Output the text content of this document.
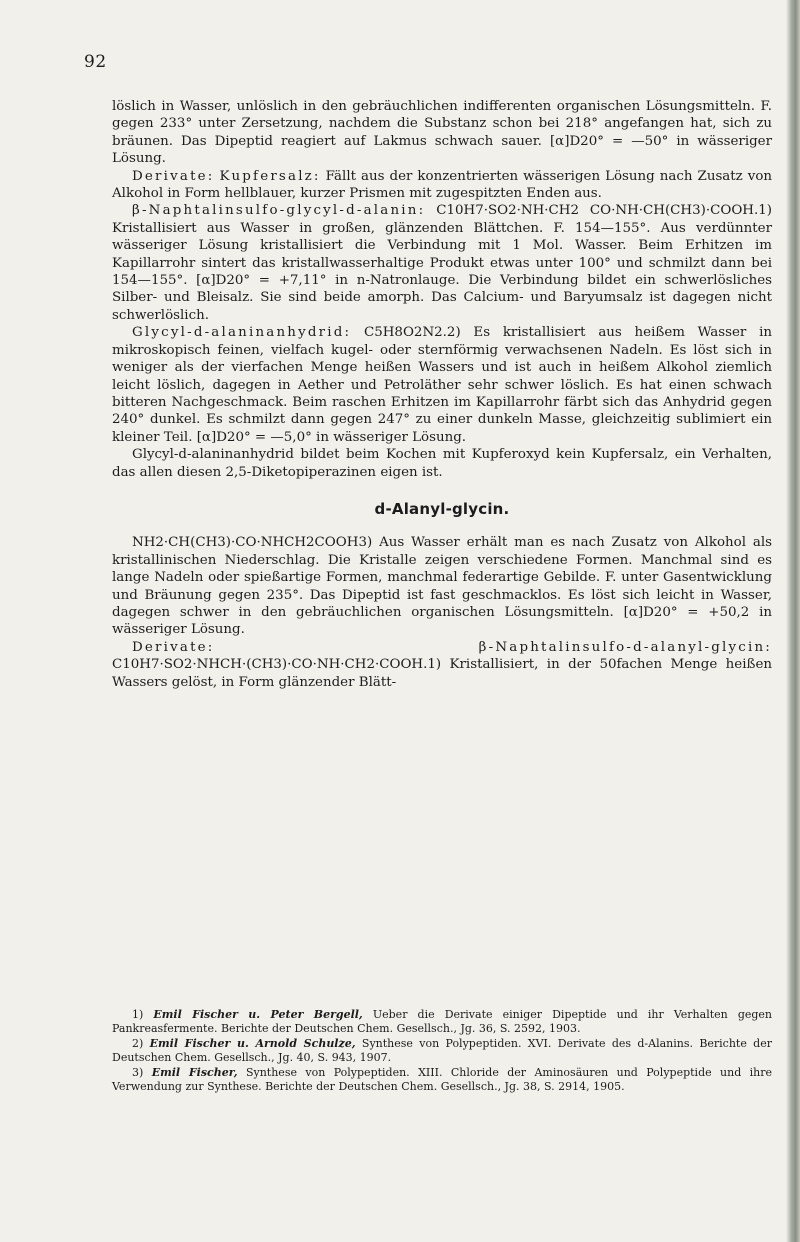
92

löslich in Wasser, unlöslich in den gebräuchlichen indifferenten organischen Lösungsmitteln. F. gegen 233° unter Zersetzung, nachdem die Substanz schon bei 218° angefangen hat, sich zu bräunen. Das Dipeptid reagiert auf Lakmus schwach sauer. [α]D20° = —50° in wässeriger Lösung.

Derivate: Kupfersalz: Fällt aus der konzentrierten wässerigen Lösung nach Zusatz von Alkohol in Form hellblauer, kurzer Prismen mit zugespitzten Enden aus.

β-Naphtalinsulfo-glycyl-d-alanin: C10H7·SO2·NH·CH2 CO·NH·CH(CH3)·COOH.1) Kristallisiert aus Wasser in großen, glänzenden Blättchen. F. 154—155°. Aus verdünnter wässeriger Lösung kristallisiert die Verbindung mit 1 Mol. Wasser. Beim Erhitzen im Kapillarrohr sintert das kristallwasserhaltige Produkt etwas unter 100° und schmilzt dann bei 154—155°. [α]D20° = +7,11° in n-Natronlauge. Die Verbindung bildet ein schwerlösliches Silber- und Bleisalz. Sie sind beide amorph. Das Calcium- und Baryumsalz ist dagegen nicht schwerlöslich.

Glycyl-d-alaninanhydrid: C5H8O2N2.2) Es kristallisiert aus heißem Wasser in mikroskopisch feinen, vielfach kugel- oder sternförmig verwachsenen Nadeln. Es löst sich in weniger als der vierfachen Menge heißen Wassers und ist auch in heißem Alkohol ziemlich leicht löslich, dagegen in Aether und Petroläther sehr schwer löslich. Es hat einen schwach bitteren Nachgeschmack. Beim raschen Erhitzen im Kapillarrohr färbt sich das Anhydrid gegen 240° dunkel. Es schmilzt dann gegen 247° zu einer dunkeln Masse, gleichzeitig sublimiert ein kleiner Teil. [α]D20° = —5,0° in wässeriger Lösung.

Glycyl-d-alaninanhydrid bildet beim Kochen mit Kupferoxyd kein Kupfersalz, ein Verhalten, das allen diesen 2,5-Diketopiperazinen eigen ist.

d-Alanyl-glycin.

NH2·CH(CH3)·CO·NHCH2COOH3) Aus Wasser erhält man es nach Zusatz von Alkohol als kristallinischen Niederschlag. Die Kristalle zeigen verschiedene Formen. Manchmal sind es lange Nadeln oder spießartige Formen, manchmal federartige Gebilde. F. unter Gasentwicklung und Bräunung gegen 235°. Das Dipeptid ist fast geschmacklos. Es löst sich leicht in Wasser, dagegen schwer in den gebräuchlichen organischen Lösungsmitteln. [α]D20° = +50,2 in wässeriger Lösung.

Derivate:	β-Naphtalinsulfo-d-alanyl-glycin: C10H7·SO2·NHCH·(CH3)·CO·NH·CH2·COOH.1) Kristallisiert, in der 50fachen Menge heißen Wassers gelöst, in Form glänzender Blätt-

1) Emil Fischer u. Peter Bergell, Ueber die Derivate einiger Dipeptide und ihr Verhalten gegen Pankreasfermente. Berichte der Deutschen Chem. Gesellsch., Jg. 36, S. 2592, 1903.

2) Emil Fischer u. Arnold Schulze, Synthese von Polypeptiden. XVI. Derivate des d-Alanins. Berichte der Deutschen Chem. Gesellsch., Jg. 40, S. 943, 1907.

3) Emil Fischer, Synthese von Polypeptiden. XIII. Chloride der Aminosäuren und Polypeptide und ihre Verwendung zur Synthese. Berichte der Deutschen Chem. Gesellsch., Jg. 38, S. 2914, 1905.
